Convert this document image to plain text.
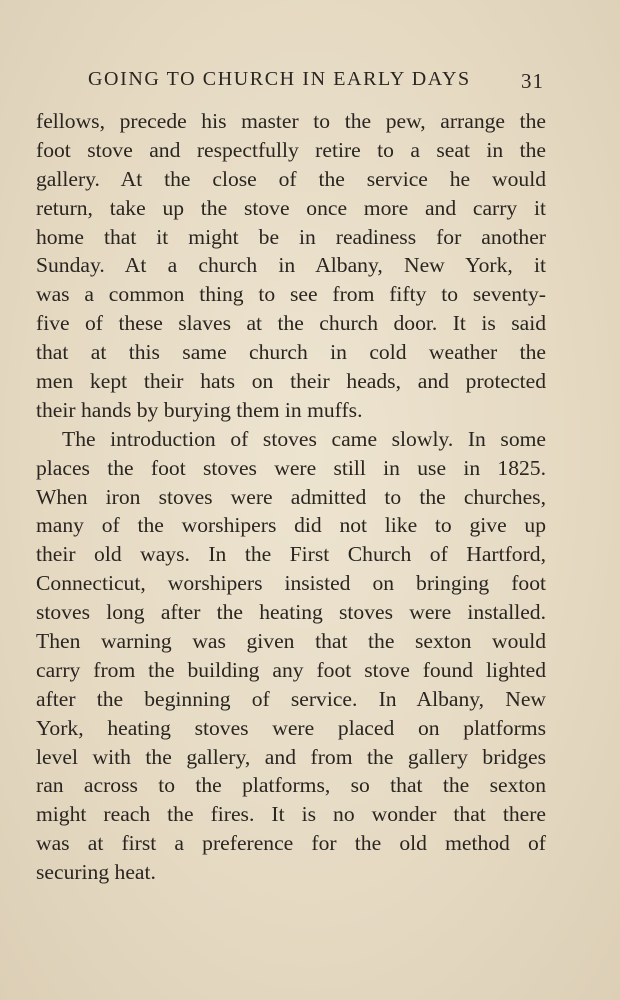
GOING TO CHURCH IN EARLY DAYS 31
fellows, precede his master to the pew, arrange the
foot stove and respectfully retire to a seat in the
gallery. At the close of the service he would
return, take up the stove once more and carry it
home that it might be in readiness for another
Sunday. At a church in Albany, New York, it
was a common thing to see from fifty to seventy-
five of these slaves at the church door. It is said
that at this same church in cold weather the
men kept their hats on their heads, and protected
their hands by burying them in muffs.
The introduction of stoves came slowly. In some
places the foot stoves were still in use in 1825.
When iron stoves were admitted to the churches,
many of the worshipers did not like to give up
their old ways. In the First Church of Hartford,
Connecticut, worshipers insisted on bringing foot
stoves long after the heating stoves were installed.
Then warning was given that the sexton would
carry from the building any foot stove found lighted
after the beginning of service. In Albany, New
York, heating stoves were placed on platforms
level with the gallery, and from the gallery bridges
ran across to the platforms, so that the sexton
might reach the fires. It is no wonder that there
was at first a preference for the old method of
securing heat.
